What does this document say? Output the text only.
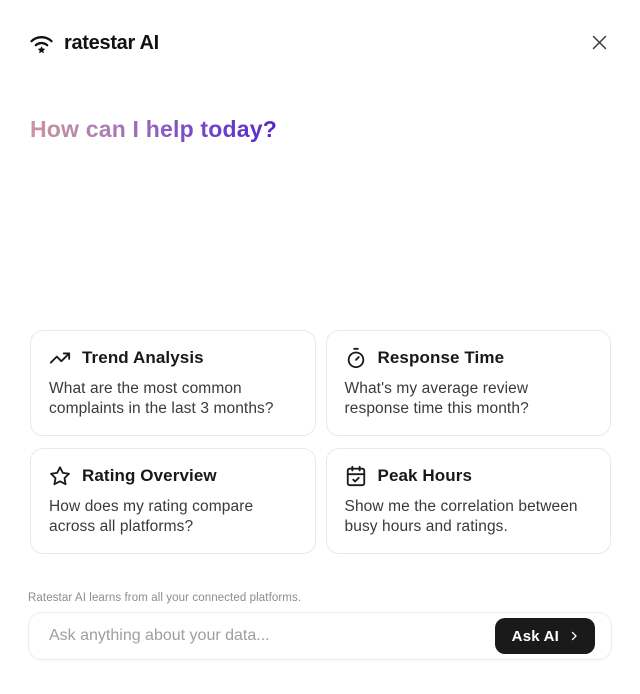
ratestar AI
How can I help today?
Trend Analysis
What are the most common complaints in the last 3 months?
Response Time
What's my average review response time this month?
Rating Overview
How does my rating compare across all platforms?
Peak Hours
Show me the correlation between busy hours and ratings.
Ratestar AI learns from all your connected platforms.
Ask anything about your data...
Ask AI
